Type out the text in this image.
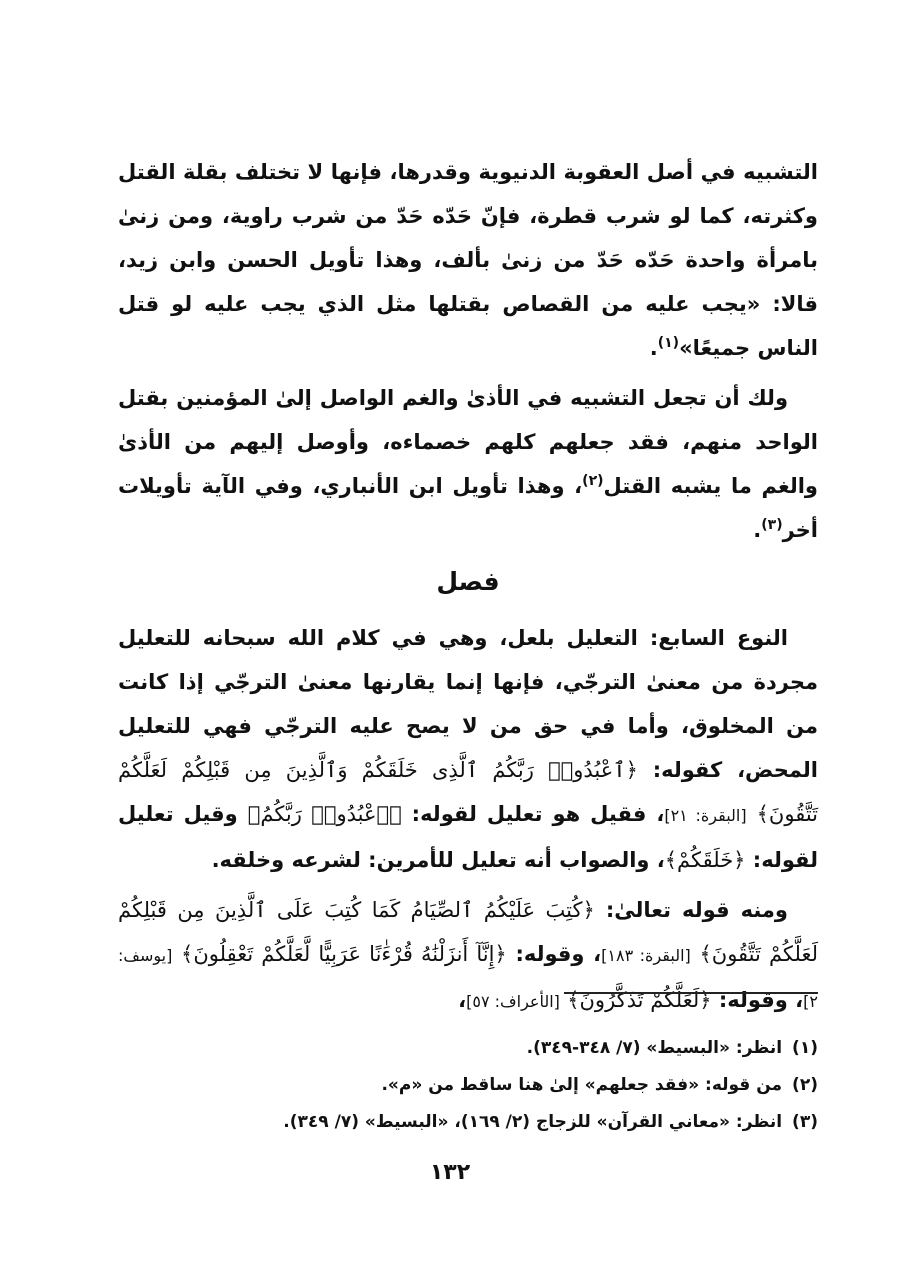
التشبيه في أصل العقوبة الدنيوية وقدرها، فإنها لا تختلف بقلة القتل وكثرته، كما لو شرب قطرة، فإنّ حَدّه حَدّ من شرب راوية، ومن زنىٰ بامرأة واحدة حَدّه حَدّ من زنىٰ بألف، وهذا تأويل الحسن وابن زيد، قالا: «يجب عليه من القصاص بقتلها مثل الذي يجب عليه لو قتل الناس جميعًا»$^{(١)}$.

ولك أن تجعل التشبيه في الأذىٰ والغم الواصل إلىٰ المؤمنين بقتل الواحد منهم، فقد جعلهم كلهم خصماءه، وأوصل إليهم من الأذىٰ والغم ما يشبه القتل$^{(٢)}$، وهذا تأويل ابن الأنباري، وفي الآية تأويلات أخر$^{(٣)}$.

فصل

النوع السابع: التعليل بلعل، وهي في كلام الله سبحانه للتعليل مجردة من معنىٰ الترجّي، فإنها إنما يقارنها معنىٰ الترجّي إذا كانت من المخلوق، وأما في حق من لا يصح عليه الترجّي فهي للتعليل المحض، كقوله: ﴿ٱعْبُدُوا۟ رَبَّكُمُ ٱلَّذِى خَلَقَكُمْ وَٱلَّذِينَ مِن قَبْلِكُمْ لَعَلَّكُمْ تَتَّقُونَ﴾ [البقرة: ٢١]، فقيل هو تعليل لقوله: ﴿ٱعْبُدُوا۟ رَبَّكُمُ﴾ وقيل تعليل لقوله: ﴿خَلَقَكُمْ﴾، والصواب أنه تعليل للأمرين: لشرعه وخلقه.

ومنه قوله تعالىٰ: ﴿كُتِبَ عَلَيْكُمُ ٱلصِّيَامُ كَمَا كُتِبَ عَلَى ٱلَّذِينَ مِن قَبْلِكُمْ لَعَلَّكُمْ تَتَّقُونَ﴾ [البقرة: ١٨٣]، وقوله: ﴿إِنَّآ أَنزَلْنَٰهُ قُرْءَٰنًا عَرَبِيًّا لَّعَلَّكُمْ تَعْقِلُونَ﴾ [يوسف: ٢]، وقوله: ﴿لَعَلَّكُمْ تَذَكَّرُونَ﴾ [الأعراف: ٥٧]،

(١)انظر: «البسيط» (٧/ ٣٤٨-٣٤٩).

(٢)من قوله: «فقد جعلهم» إلىٰ هنا ساقط من «م».

(٣)انظر: «معاني القرآن» للزجاج (٢/ ١٦٩)، «البسيط» (٧/ ٣٤٩).

١٣٢
